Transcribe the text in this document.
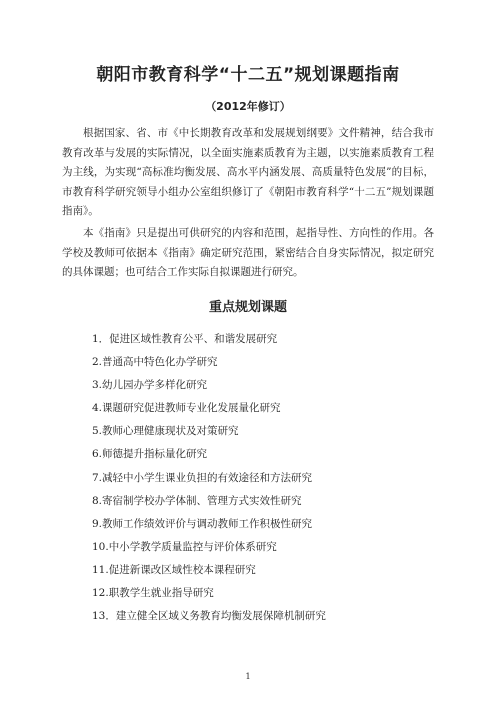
朝阳市教育科学“十二五”规划课题指南
（2012年修订）

根据国家、省、市《中长期教育改革和发展规划纲要》文件精神，结合我市教育改革与发展的实际情况，以全面实施素质教育为主题，以实施素质教育工程为主线，为实现“高标准均衡发展、高水平内涵发展、高质量特色发展”的目标，市教育科学研究领导小组办公室组织修订了《朝阳市教育科学“十二五”规划课题指南》。

本《指南》只是提出可供研究的内容和范围，起指导性、方向性的作用。各学校及教师可依据本《指南》确定研究范围，紧密结合自身实际情况，拟定研究的具体课题；也可结合工作实际自拟课题进行研究。

重点规划课题
1．促进区域性教育公平、和谐发展研究
2.普通高中特色化办学研究
3.幼儿园办学多样化研究
4.课题研究促进教师专业化发展量化研究
5.教师心理健康现状及对策研究
6.师德提升指标量化研究
7.减轻中小学生课业负担的有效途径和方法研究
8.寄宿制学校办学体制、管理方式实效性研究
9.教师工作绩效评价与调动教师工作积极性研究
10.中小学教学质量监控与评价体系研究
11.促进新课改区域性校本课程研究
12.职教学生就业指导研究
13．建立健全区域义务教育均衡发展保障机制研究
1
